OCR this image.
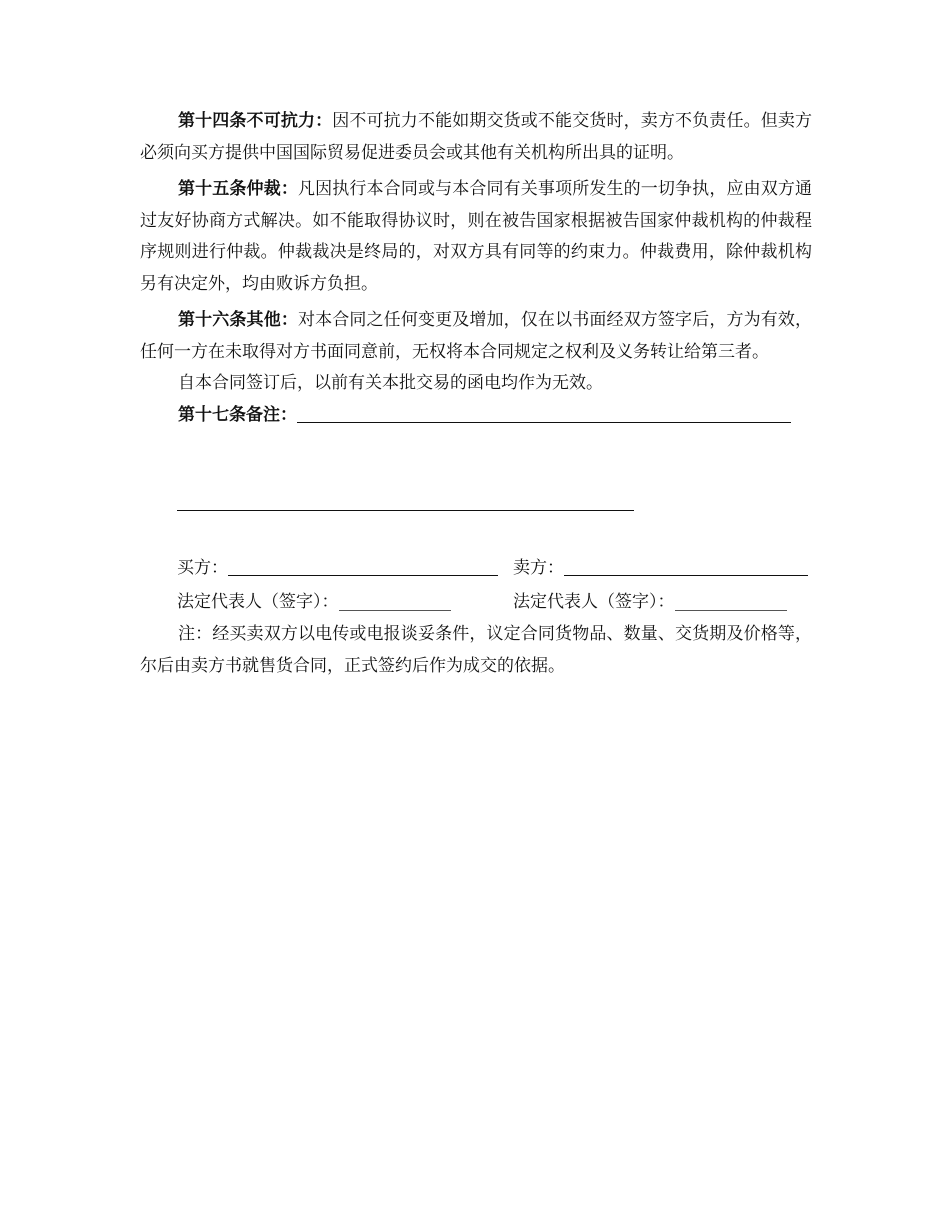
第十四条不可抗力：因不可抗力不能如期交货或不能交货时，卖方不负责任。但卖方必须向买方提供中国国际贸易促进委员会或其他有关机构所出具的证明。

第十五条仲裁：凡因执行本合同或与本合同有关事项所发生的一切争执，应由双方通过友好协商方式解决。如不能取得协议时，则在被告国家根据被告国家仲裁机构的仲裁程序规则进行仲裁。仲裁裁决是终局的，对双方具有同等的约束力。仲裁费用，除仲裁机构另有决定外，均由败诉方负担。

第十六条其他：对本合同之任何变更及增加，仅在以书面经双方签字后，方为有效，任何一方在未取得对方书面同意前，无权将本合同规定之权利及义务转让给第三者。

自本合同签订后，以前有关本批交易的函电均作为无效。

第十七条备注：

买方：	卖方：
法定代表人（签字）：	法定代表人（签字）：

注：经买卖双方以电传或电报谈妥条件，议定合同货物品、数量、交货期及价格等，尔后由卖方书就售货合同，正式签约后作为成交的依据。
